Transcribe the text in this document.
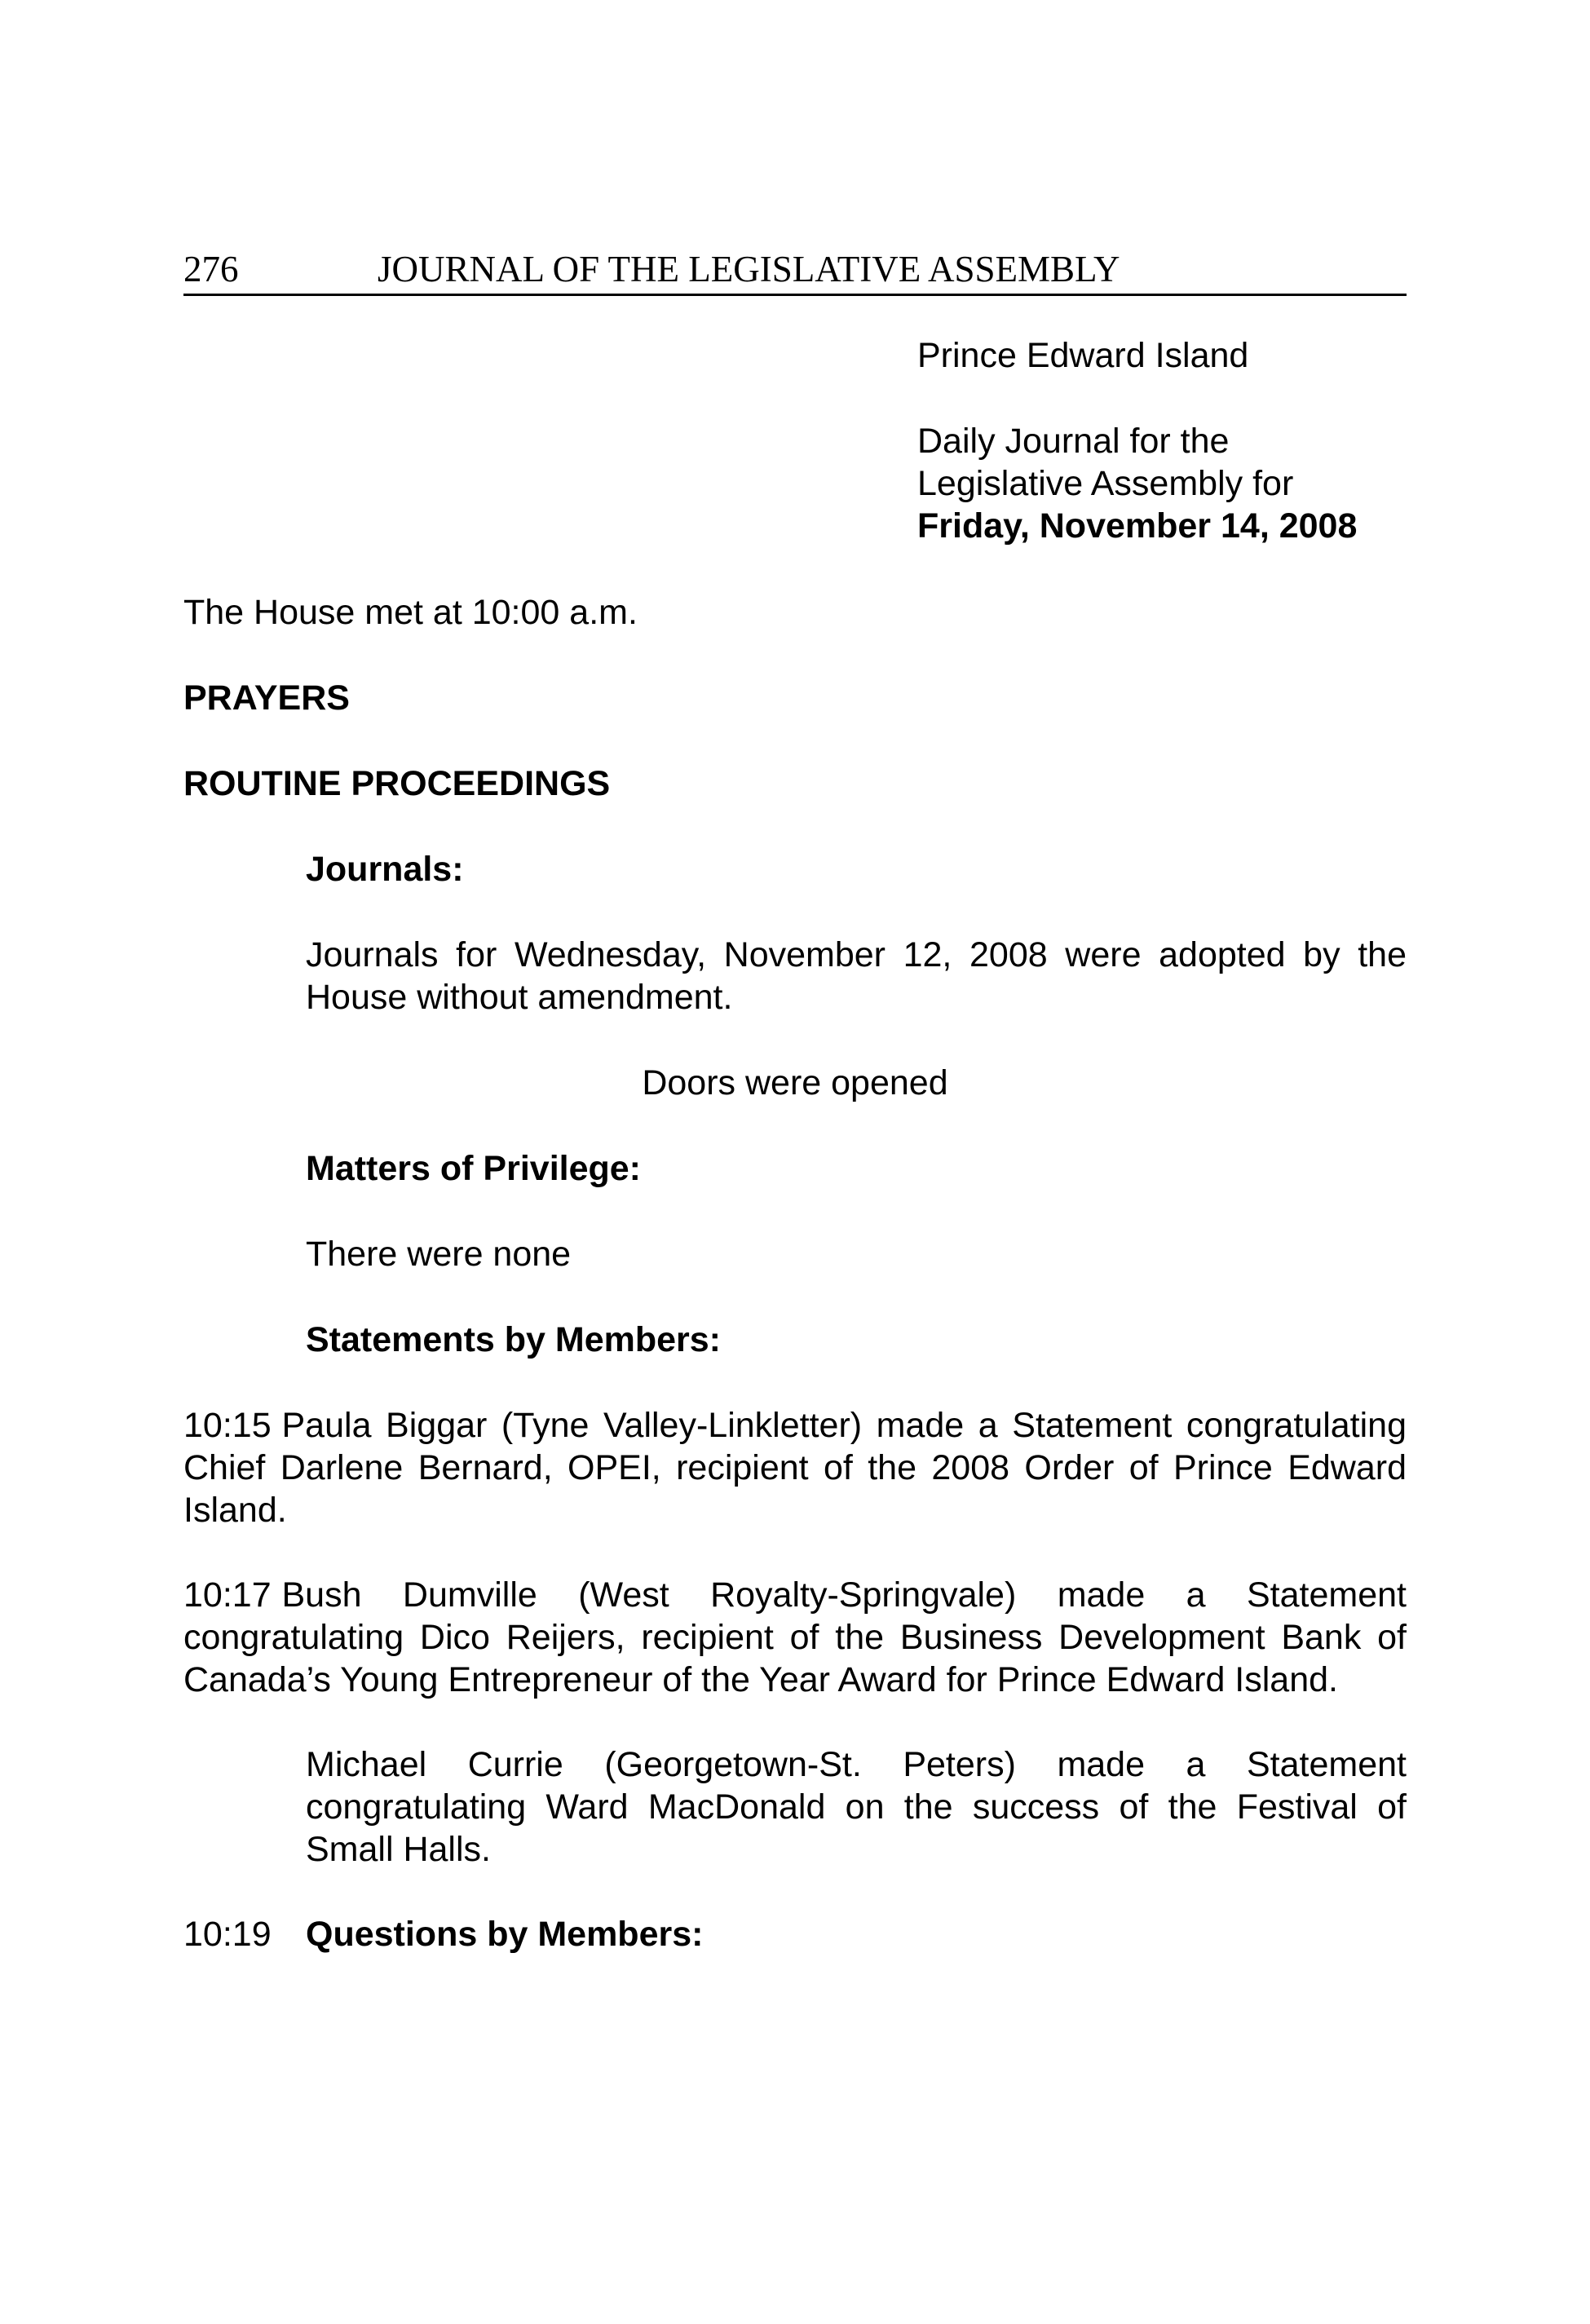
276	JOURNAL OF THE LEGISLATIVE ASSEMBLY

Prince Edward Island

Daily Journal for the

Legislative Assembly for

Friday, November 14, 2008

The House met at 10:00 a.m.

PRAYERS

ROUTINE PROCEEDINGS

Journals:

Journals for Wednesday, November 12, 2008 were adopted by the House without amendment.

Doors were opened

Matters of Privilege:

There were none

Statements by Members:

10:15 Paula Biggar (Tyne Valley-Linkletter) made a Statement congratulating Chief Darlene Bernard, OPEI, recipient of the 2008 Order of Prince Edward Island.

10:17 Bush Dumville (West Royalty-Springvale) made a Statement congratulating Dico Reijers, recipient of the Business Development Bank of Canada’s Young Entrepreneur of the Year Award for Prince Edward Island.

Michael Currie (Georgetown-St. Peters) made a Statement congratulating Ward MacDonald on the success of the Festival of Small Halls.

10:19 Questions by Members:
